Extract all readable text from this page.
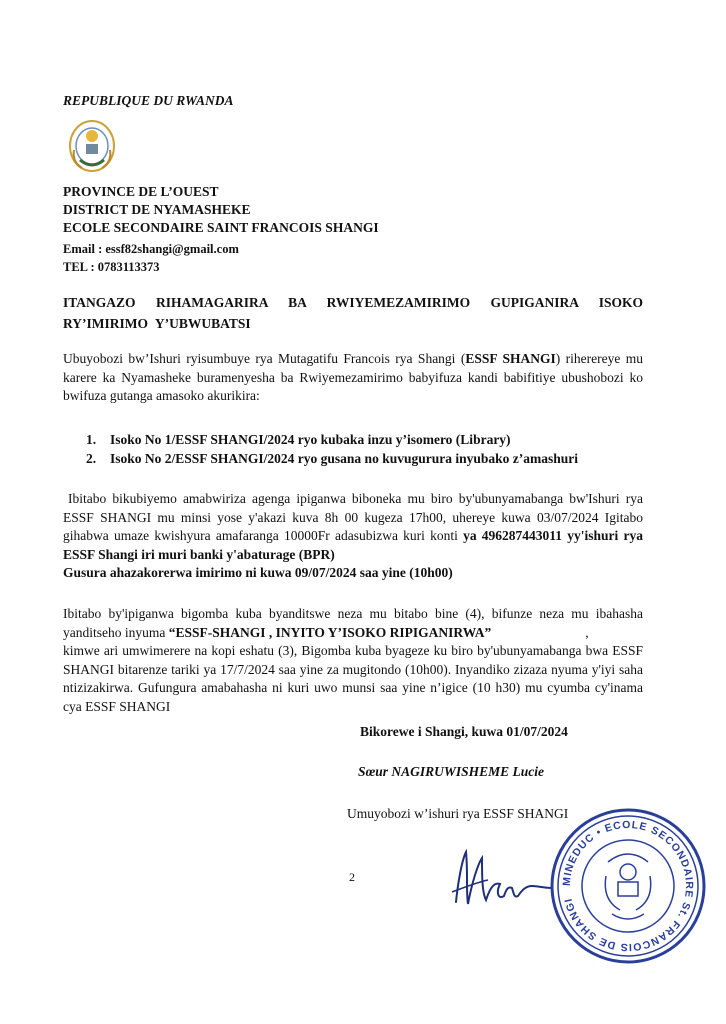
REPUBLIQUE DU RWANDA
PROVINCE DE L’OUEST
DISTRICT DE NYAMASHEKE
ECOLE SECONDAIRE SAINT FRANCOIS SHANGI
Email : essf82shangi@gmail.com
TEL : 0783113373
ITANGAZO RIHAMAGARIRA BA RWIYEMEZAMIRIMO GUPIGANIRA ISOKO RY’IMIRIMO Y’UBWUBATSI
Ubuyobozi bw’Ishuri ryisumbuye rya Mutagatifu Francois rya Shangi (ESSF SHANGI) riherereye mu karere ka Nyamasheke buramenyesha ba Rwiyemezamirimo babyifuza kandi babifitiye ubushobozi ko bwifuza gutanga amasoko akurikira:
1. Isoko No 1/ESSF SHANGI/2024 ryo kubaka inzu y’isomero (Library)
2. Isoko No 2/ESSF SHANGI/2024 ryo gusana no kuvugurura inyubako z’amashuri
Ibitabo bikubiyemo amabwiriza agenga ipiganwa biboneka mu biro by'ubunyamabanga bw'Ishuri rya ESSF SHANGI mu minsi yose y'akazi kuva 8h 00 kugeza 17h00, uhereye kuwa 03/07/2024 Igitabo gihabwa umaze kwishyura amafaranga 10000Fr adasubizwa kuri konti ya 496287443011 yy'ishuri rya ESSF Shangi iri muri banki y'abaturage (BPR)
Gusura ahazakorerwa imirimo ni kuwa 09/07/2024 saa yine (10h00)
Ibitabo by'ipiganwa bigomba kuba byanditswe neza mu bitabo bine (4), bifunze neza mu ibahasha yanditseho inyuma “ESSF-SHANGI , INYITO Y’ISOKO RIPIGANIRWA”	,
kimwe ari umwimerere na kopi eshatu (3), Bigomba kuba byageze ku biro by'ubunyamabanga bwa ESSF SHANGI bitarenze tariki ya 17/7/2024 saa yine za mugitondo (10h00). Inyandiko zizaza nyuma y'iyi saha ntizizakirwa. Gufungura amabahasha ni kuri uwo munsi saa yine n’igice (10 h30) mu cyumba cy'inama cya ESSF SHANGI
Bikorewe i Shangi, kuwa 01/07/2024
Sœur NAGIRUWISHEME Lucie
Umuyobozi w’ishuri rya ESSF SHANGI
2	MINEDUC • ECOLE SECONDAIRE St. FRANCOIS DE SHANGI
